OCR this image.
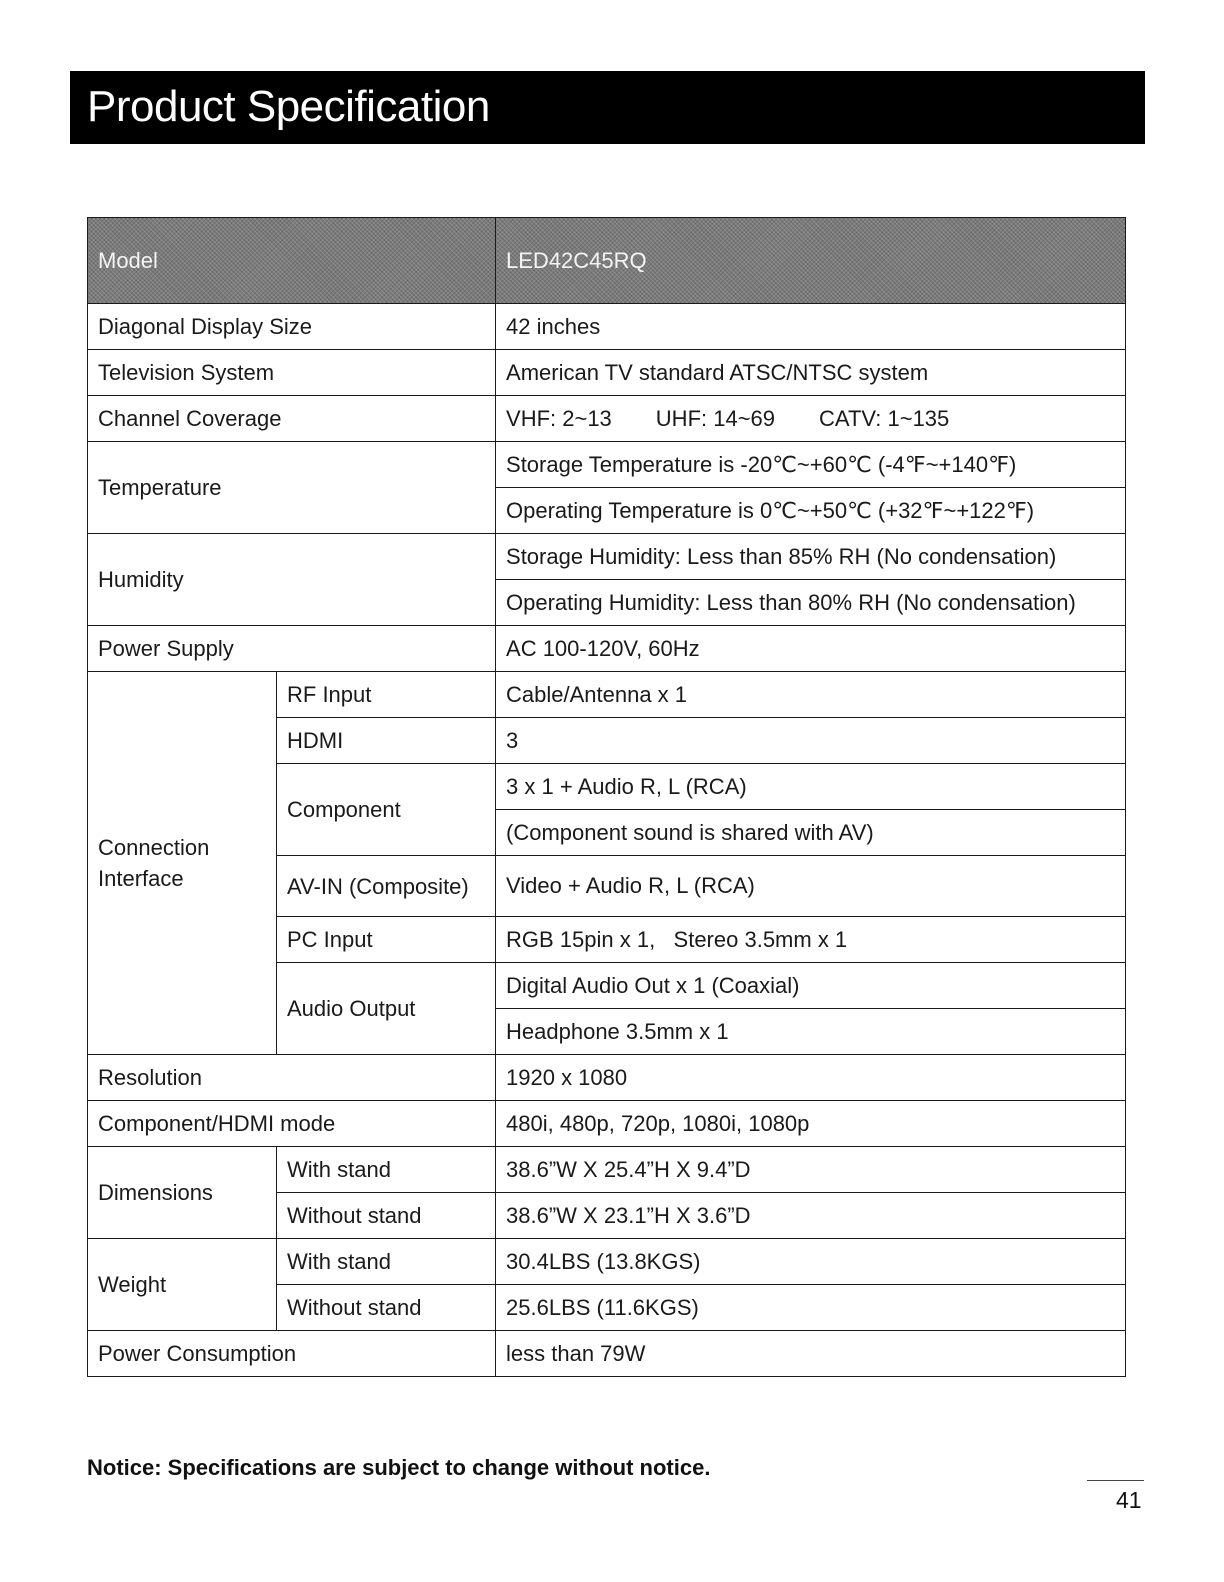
Product Specification
Model		LED42C45RQ
Diagonal Display Size		42 inches
Television System		American TV standard ATSC/NTSC system
Channel Coverage		VHF: 2~13 UHF: 14~69 CATV: 1~135
Temperature		Storage Temperature is -20℃~+60℃ (-4℉~+140℉)
		Operating Temperature is 0℃~+50℃ (+32℉~+122℉)
Humidity		Storage Humidity: Less than 85% RH (No condensation)
		Operating Humidity: Less than 80% RH (No condensation)
Power Supply		AC 100-120V, 60Hz
Connection Interface	RF Input	Cable/Antenna x 1
	HDMI	3
	Component	3 x 1 + Audio R, L (RCA)
		(Component sound is shared with AV)
	AV-IN (Composite)	Video + Audio R, L (RCA)
	PC Input	RGB 15pin x 1,   Stereo 3.5mm x 1
	Audio Output	Digital Audio Out x 1 (Coaxial)
		Headphone 3.5mm x 1
Resolution		1920 x 1080
Component/HDMI mode		480i, 480p, 720p, 1080i, 1080p
Dimensions	With stand	38.6”W X 25.4”H X 9.4”D
	Without stand	38.6”W X 23.1”H X 3.6”D
Weight	With stand	30.4LBS (13.8KGS)
	Without stand	25.6LBS (11.6KGS)
Power Consumption		less than 79W
Notice: Specifications are subject to change without notice.
41
